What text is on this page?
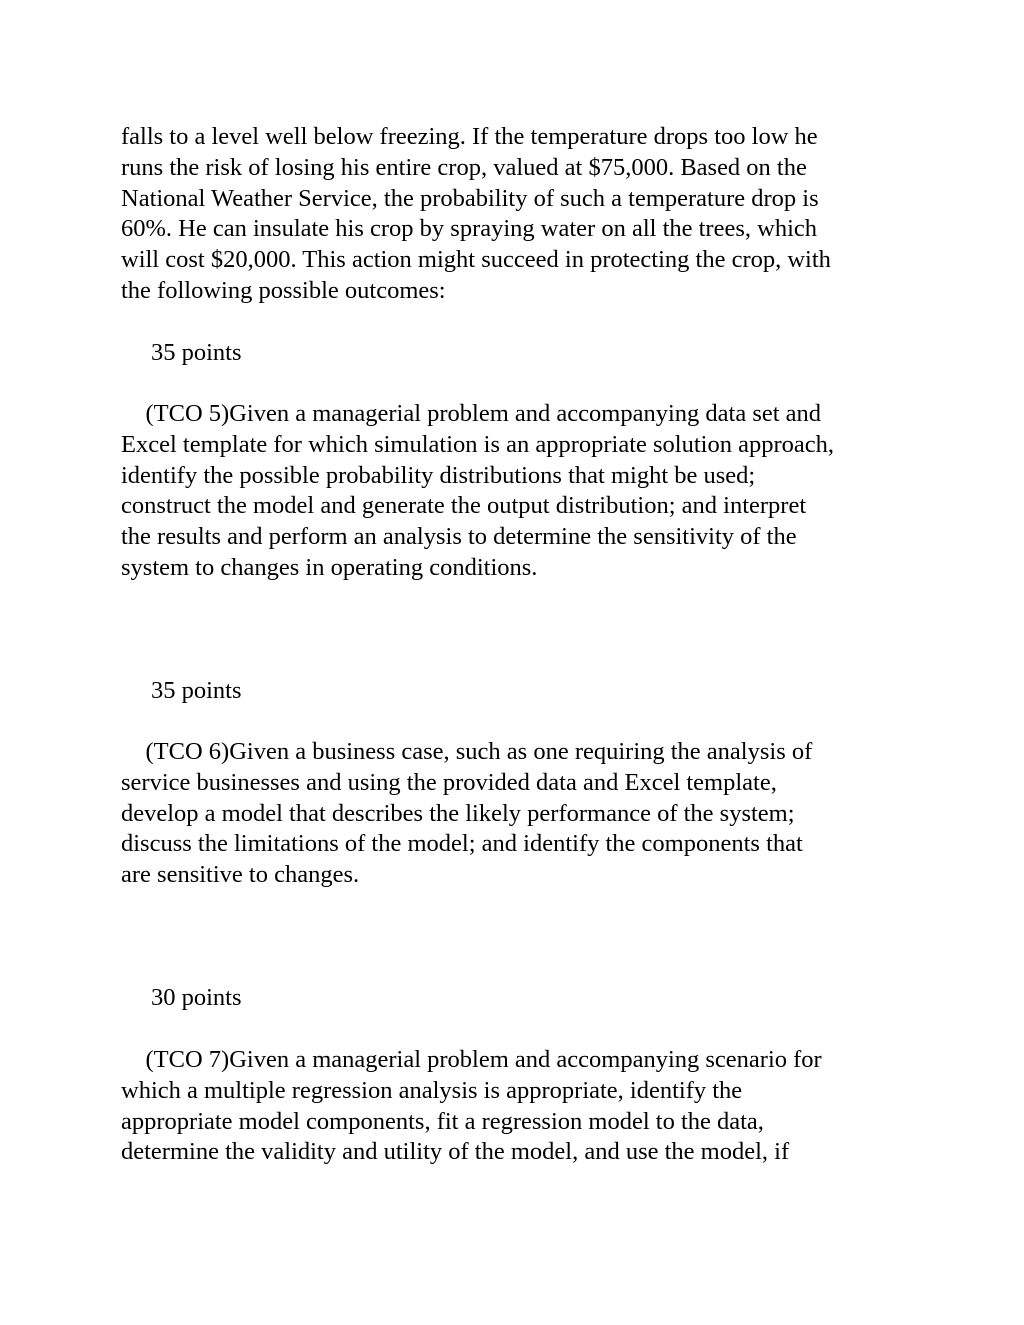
falls to a level well below freezing. If the temperature drops too low he
runs the risk of losing his entire crop, valued at $75,000. Based on the
National Weather Service, the probability of such a temperature drop is
60%. He can insulate his crop by spraying water on all the trees, which
will cost $20,000. This action might succeed in protecting the crop, with
the following possible outcomes:

35 points

(TCO 5)Given a managerial problem and accompanying data set and
Excel template for which simulation is an appropriate solution approach,
identify the possible probability distributions that might be used;
construct the model and generate the output distribution; and interpret
the results and perform an analysis to determine the sensitivity of the
system to changes in operating conditions.

35 points

(TCO 6)Given a business case, such as one requiring the analysis of
service businesses and using the provided data and Excel template,
develop a model that describes the likely performance of the system;
discuss the limitations of the model; and identify the components that
are sensitive to changes.

30 points

(TCO 7)Given a managerial problem and accompanying scenario for
which a multiple regression analysis is appropriate, identify the
appropriate model components, fit a regression model to the data,
determine the validity and utility of the model, and use the model, if
